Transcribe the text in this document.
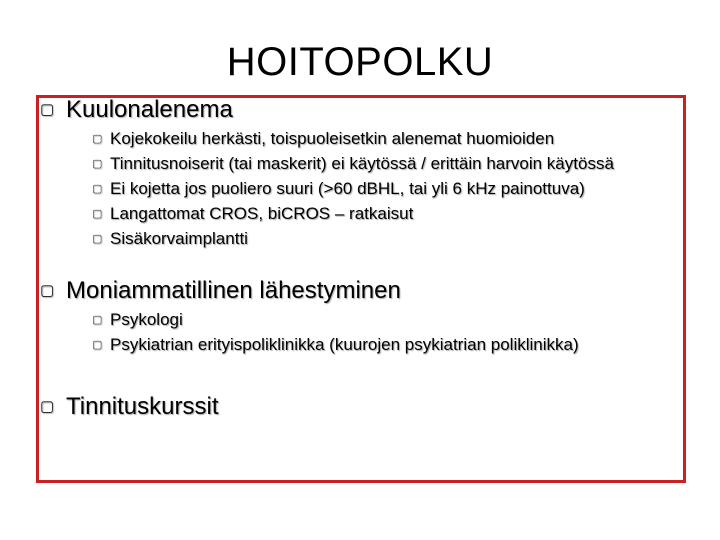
HOITOPOLKU
▢ Kuulonalenema
▢ Kojekokeilu herkästi, toispuoleisetkin alenemat huomioiden
▢ Tinnitusnoiserit (tai maskerit) ei käytössä / erittäin harvoin käytössä
▢ Ei kojetta jos puoliero suuri (>60 dBHL, tai yli 6 kHz painottuva)
▢ Langattomat CROS, biCROS – ratkaisut
▢ Sisäkorvaimplantti
▢ Moniammatillinen lähestyminen
▢ Psykologi
▢ Psykiatrian erityispoliklinikka (kuurojen psykiatrian poliklinikka)
▢ Tinnituskurssit
